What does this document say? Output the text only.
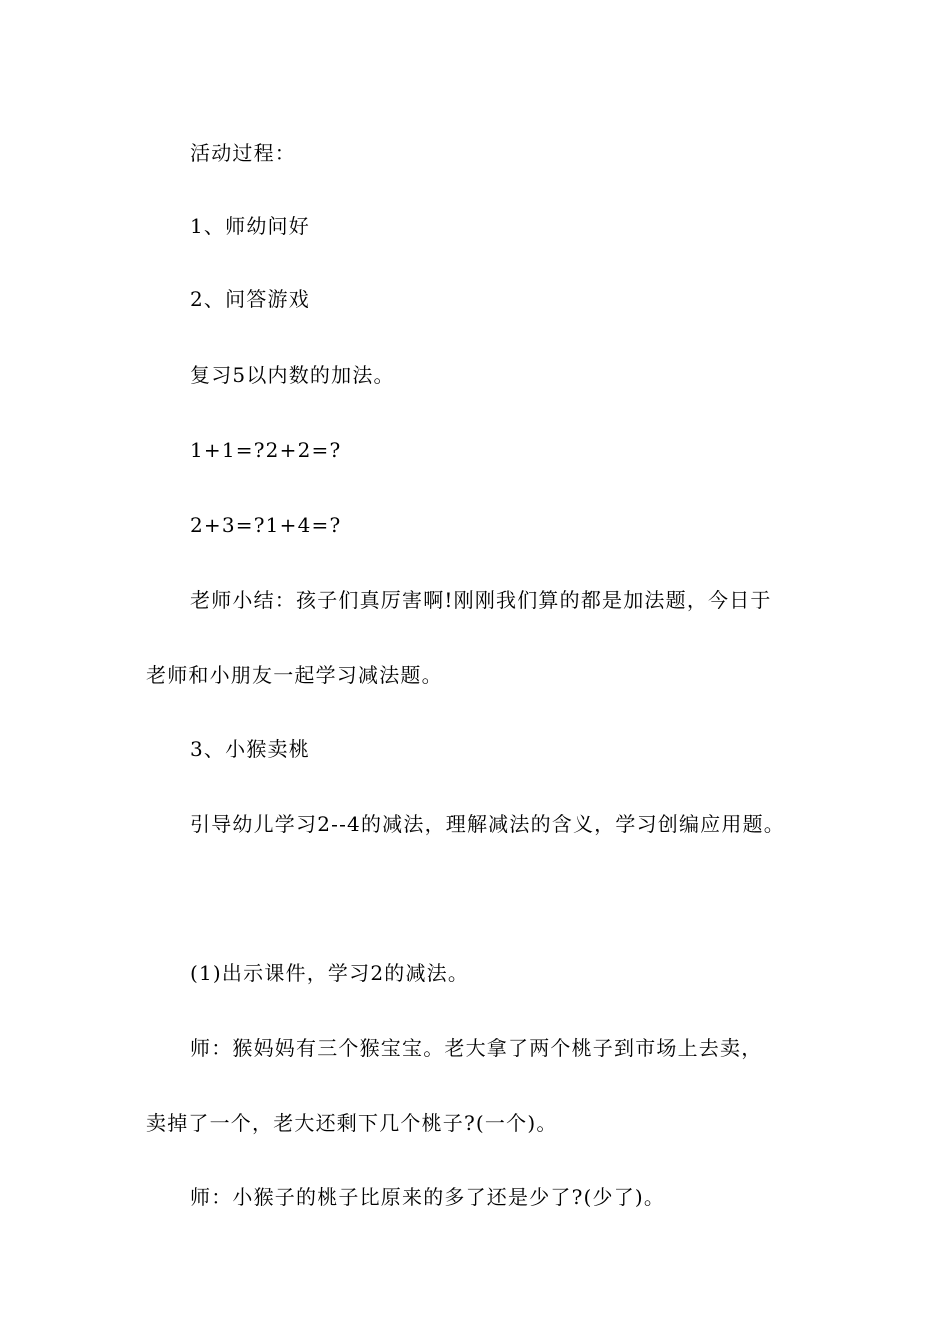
活动过程：
1、师幼问好
2、问答游戏
复习5以内数的加法。
1+1=?2+2=?
2+3=?1+4=?
老师小结：孩子们真厉害啊!刚刚我们算的都是加法题，今日于
老师和小朋友一起学习减法题。
3、小猴卖桃
引导幼儿学习2--4的减法，理解减法的含义，学习创编应用题。
(1)出示课件，学习2的减法。
师：猴妈妈有三个猴宝宝。老大拿了两个桃子到市场上去卖，
卖掉了一个，老大还剩下几个桃子?(一个)。
师：小猴子的桃子比原来的多了还是少了?(少了)。
